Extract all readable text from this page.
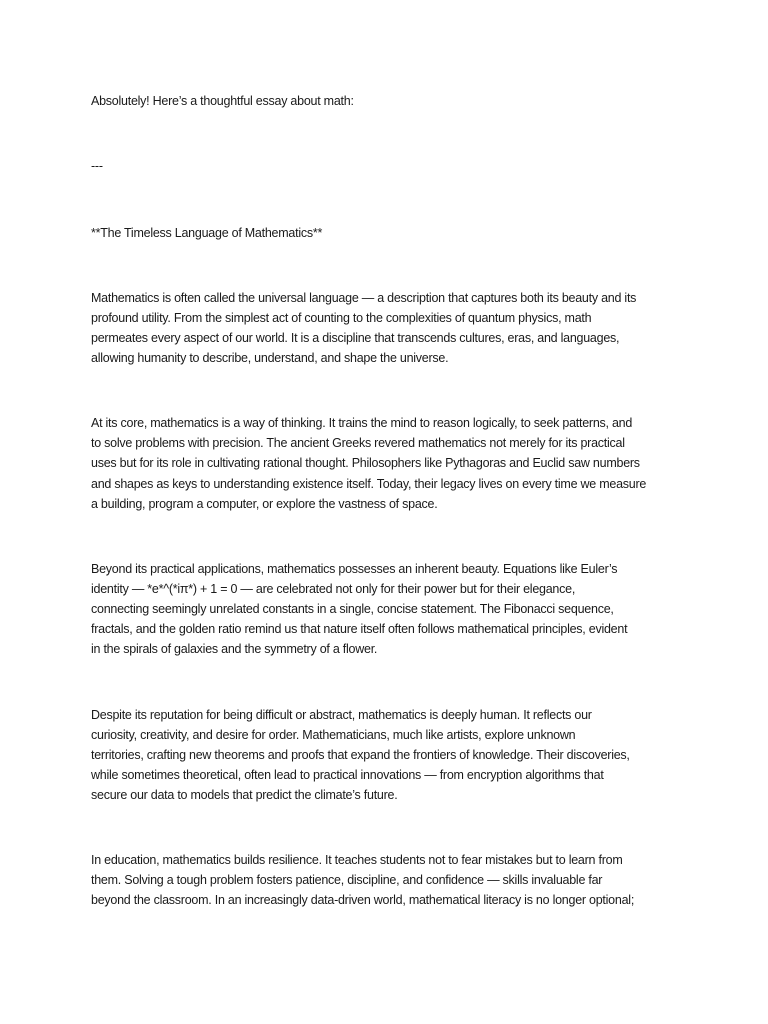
Absolutely! Here’s a thoughtful essay about math:
---
**The Timeless Language of Mathematics**
Mathematics is often called the universal language — a description that captures both its beauty and its
profound utility. From the simplest act of counting to the complexities of quantum physics, math
permeates every aspect of our world. It is a discipline that transcends cultures, eras, and languages,
allowing humanity to describe, understand, and shape the universe.
At its core, mathematics is a way of thinking. It trains the mind to reason logically, to seek patterns, and
to solve problems with precision. The ancient Greeks revered mathematics not merely for its practical
uses but for its role in cultivating rational thought. Philosophers like Pythagoras and Euclid saw numbers
and shapes as keys to understanding existence itself. Today, their legacy lives on every time we measure
a building, program a computer, or explore the vastness of space.
Beyond its practical applications, mathematics possesses an inherent beauty. Equations like Euler’s
identity — *e*^(*iπ*) + 1 = 0 — are celebrated not only for their power but for their elegance,
connecting seemingly unrelated constants in a single, concise statement. The Fibonacci sequence,
fractals, and the golden ratio remind us that nature itself often follows mathematical principles, evident
in the spirals of galaxies and the symmetry of a flower.
Despite its reputation for being difficult or abstract, mathematics is deeply human. It reflects our
curiosity, creativity, and desire for order. Mathematicians, much like artists, explore unknown
territories, crafting new theorems and proofs that expand the frontiers of knowledge. Their discoveries,
while sometimes theoretical, often lead to practical innovations — from encryption algorithms that
secure our data to models that predict the climate’s future.
In education, mathematics builds resilience. It teaches students not to fear mistakes but to learn from
them. Solving a tough problem fosters patience, discipline, and confidence — skills invaluable far
beyond the classroom. In an increasingly data-driven world, mathematical literacy is no longer optional;
